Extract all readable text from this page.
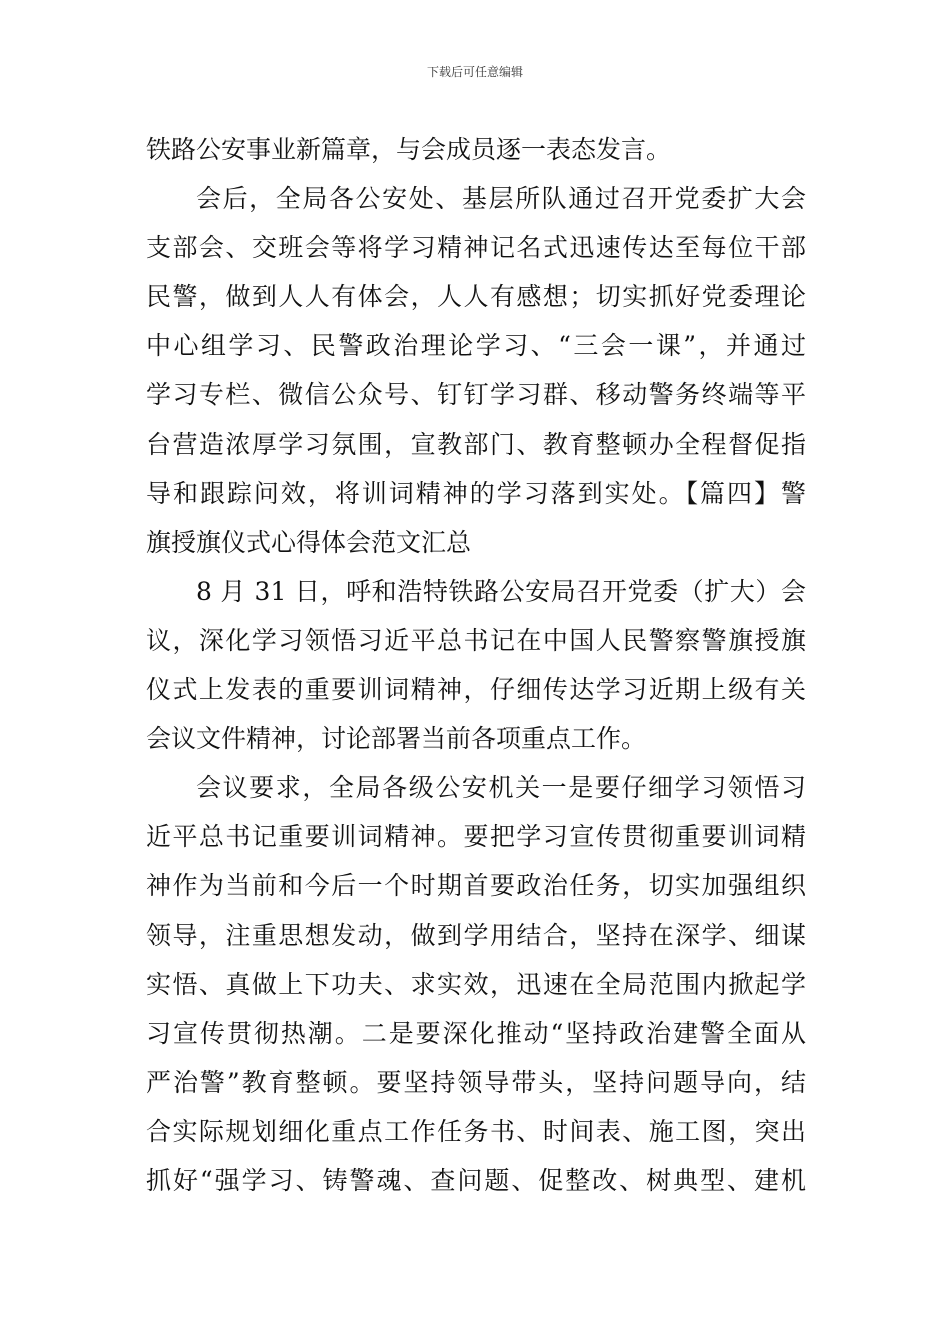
下载后可任意编辑
铁路公安事业新篇章，与会成员逐一表态发言。
会后，全局各公安处、基层所队通过召开党委扩大会
支部会、交班会等将学习精神记名式迅速传达至每位干部
民警，做到人人有体会，人人有感想；切实抓好党委理论
中心组学习、民警政治理论学习、“三会一课”，并通过
学习专栏、微信公众号、钉钉学习群、移动警务终端等平
台营造浓厚学习氛围，宣教部门、教育整顿办全程督促指
导和跟踪问效，将训词精神的学习落到实处。【篇四】警
旗授旗仪式心得体会范文汇总
8 月 31 日，呼和浩特铁路公安局召开党委（扩大）会
议，深化学习领悟习近平总书记在中国人民警察警旗授旗
仪式上发表的重要训词精神，仔细传达学习近期上级有关
会议文件精神，讨论部署当前各项重点工作。
会议要求，全局各级公安机关一是要仔细学习领悟习
近平总书记重要训词精神。要把学习宣传贯彻重要训词精
神作为当前和今后一个时期首要政治任务，切实加强组织
领导，注重思想发动，做到学用结合，坚持在深学、细谋
实悟、真做上下功夫、求实效，迅速在全局范围内掀起学
习宣传贯彻热潮。二是要深化推动“坚持政治建警全面从
严治警”教育整顿。要坚持领导带头，坚持问题导向，结
合实际规划细化重点工作任务书、时间表、施工图，突出
抓好“强学习、铸警魂、查问题、促整改、树典型、建机
